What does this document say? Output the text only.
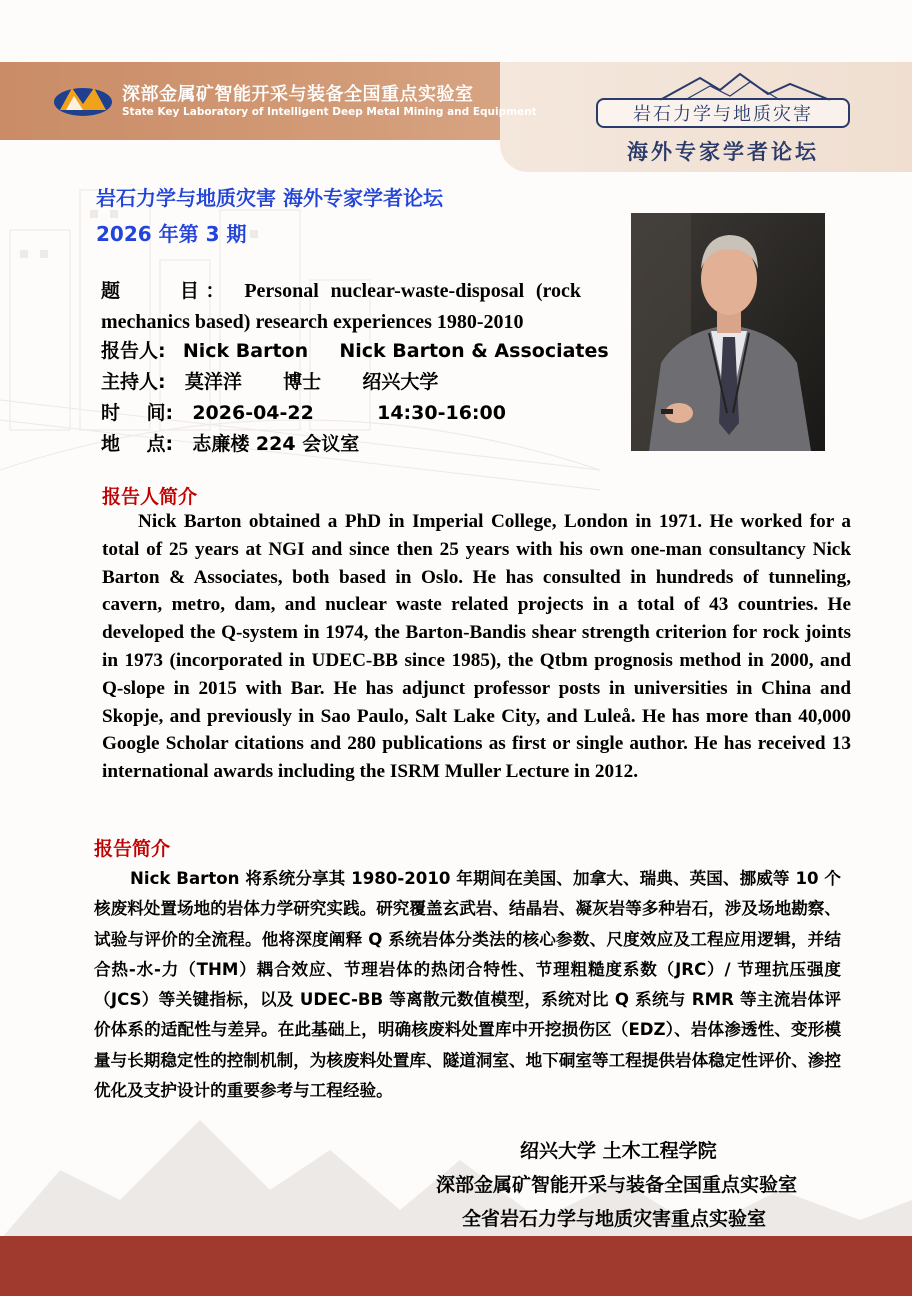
深部金属矿智能开采与装备全国重点实验室
State Key Laboratory of Intelligent Deep Metal Mining and Equipment	岩石力学与地质灾害
海外专家学者论坛
岩石力学与地质灾害 海外专家学者论坛
2026 年第 3 期
题    目： Personal nuclear-waste-disposal (rock mechanics based) research experiences 1980-2010
报告人: Nick Barton Nick Barton & Associates
主持人: 莫洋洋 博士 绍兴大学
时    间: 2026-04-22	14:30-16:00
地    点: 志廉楼 224 会议室
报告人简介

Nick Barton obtained a PhD in Imperial College, London in 1971. He worked for a total of 25 years at NGI and since then 25 years with his own one-man consultancy Nick Barton & Associates, both based in Oslo. He has consulted in hundreds of tunneling, cavern, metro, dam, and nuclear waste related projects in a total of 43 countries. He developed the Q-system in 1974, the Barton-Bandis shear strength criterion for rock joints in 1973 (incorporated in UDEC-BB since 1985), the Qtbm prognosis method in 2000, and Q-slope in 2015 with Bar. He has adjunct professor posts in universities in China and Skopje, and previously in Sao Paulo, Salt Lake City, and Luleå. He has more than 40,000 Google Scholar citations and 280 publications as first or single author. He has received 13 international awards including the ISRM Muller Lecture in 2012.

报告简介

Nick Barton 将系统分享其 1980-2010 年期间在美国、加拿大、瑞典、英国、挪威等 10 个核废料处置场地的岩体力学研究实践。研究覆盖玄武岩、结晶岩、凝灰岩等多种岩石，涉及场地勘察、试验与评价的全流程。他将深度阐释 Q 系统岩体分类法的核心参数、尺度效应及工程应用逻辑，并结合热-水-力（THM）耦合效应、节理岩体的热闭合特性、节理粗糙度系数（JRC）/ 节理抗压强度（JCS）等关键指标，以及 UDEC-BB 等离散元数值模型，系统对比 Q 系统与 RMR 等主流岩体评价体系的适配性与差异。在此基础上，明确核废料处置库中开挖损伤区（EDZ）、岩体渗透性、变形模量与长期稳定性的控制机制，为核废料处置库、隧道洞室、地下硐室等工程提供岩体稳定性评价、渗控优化及支护设计的重要参考与工程经验。

绍兴大学 土木工程学院
深部金属矿智能开采与装备全国重点实验室
全省岩石力学与地质灾害重点实验室
